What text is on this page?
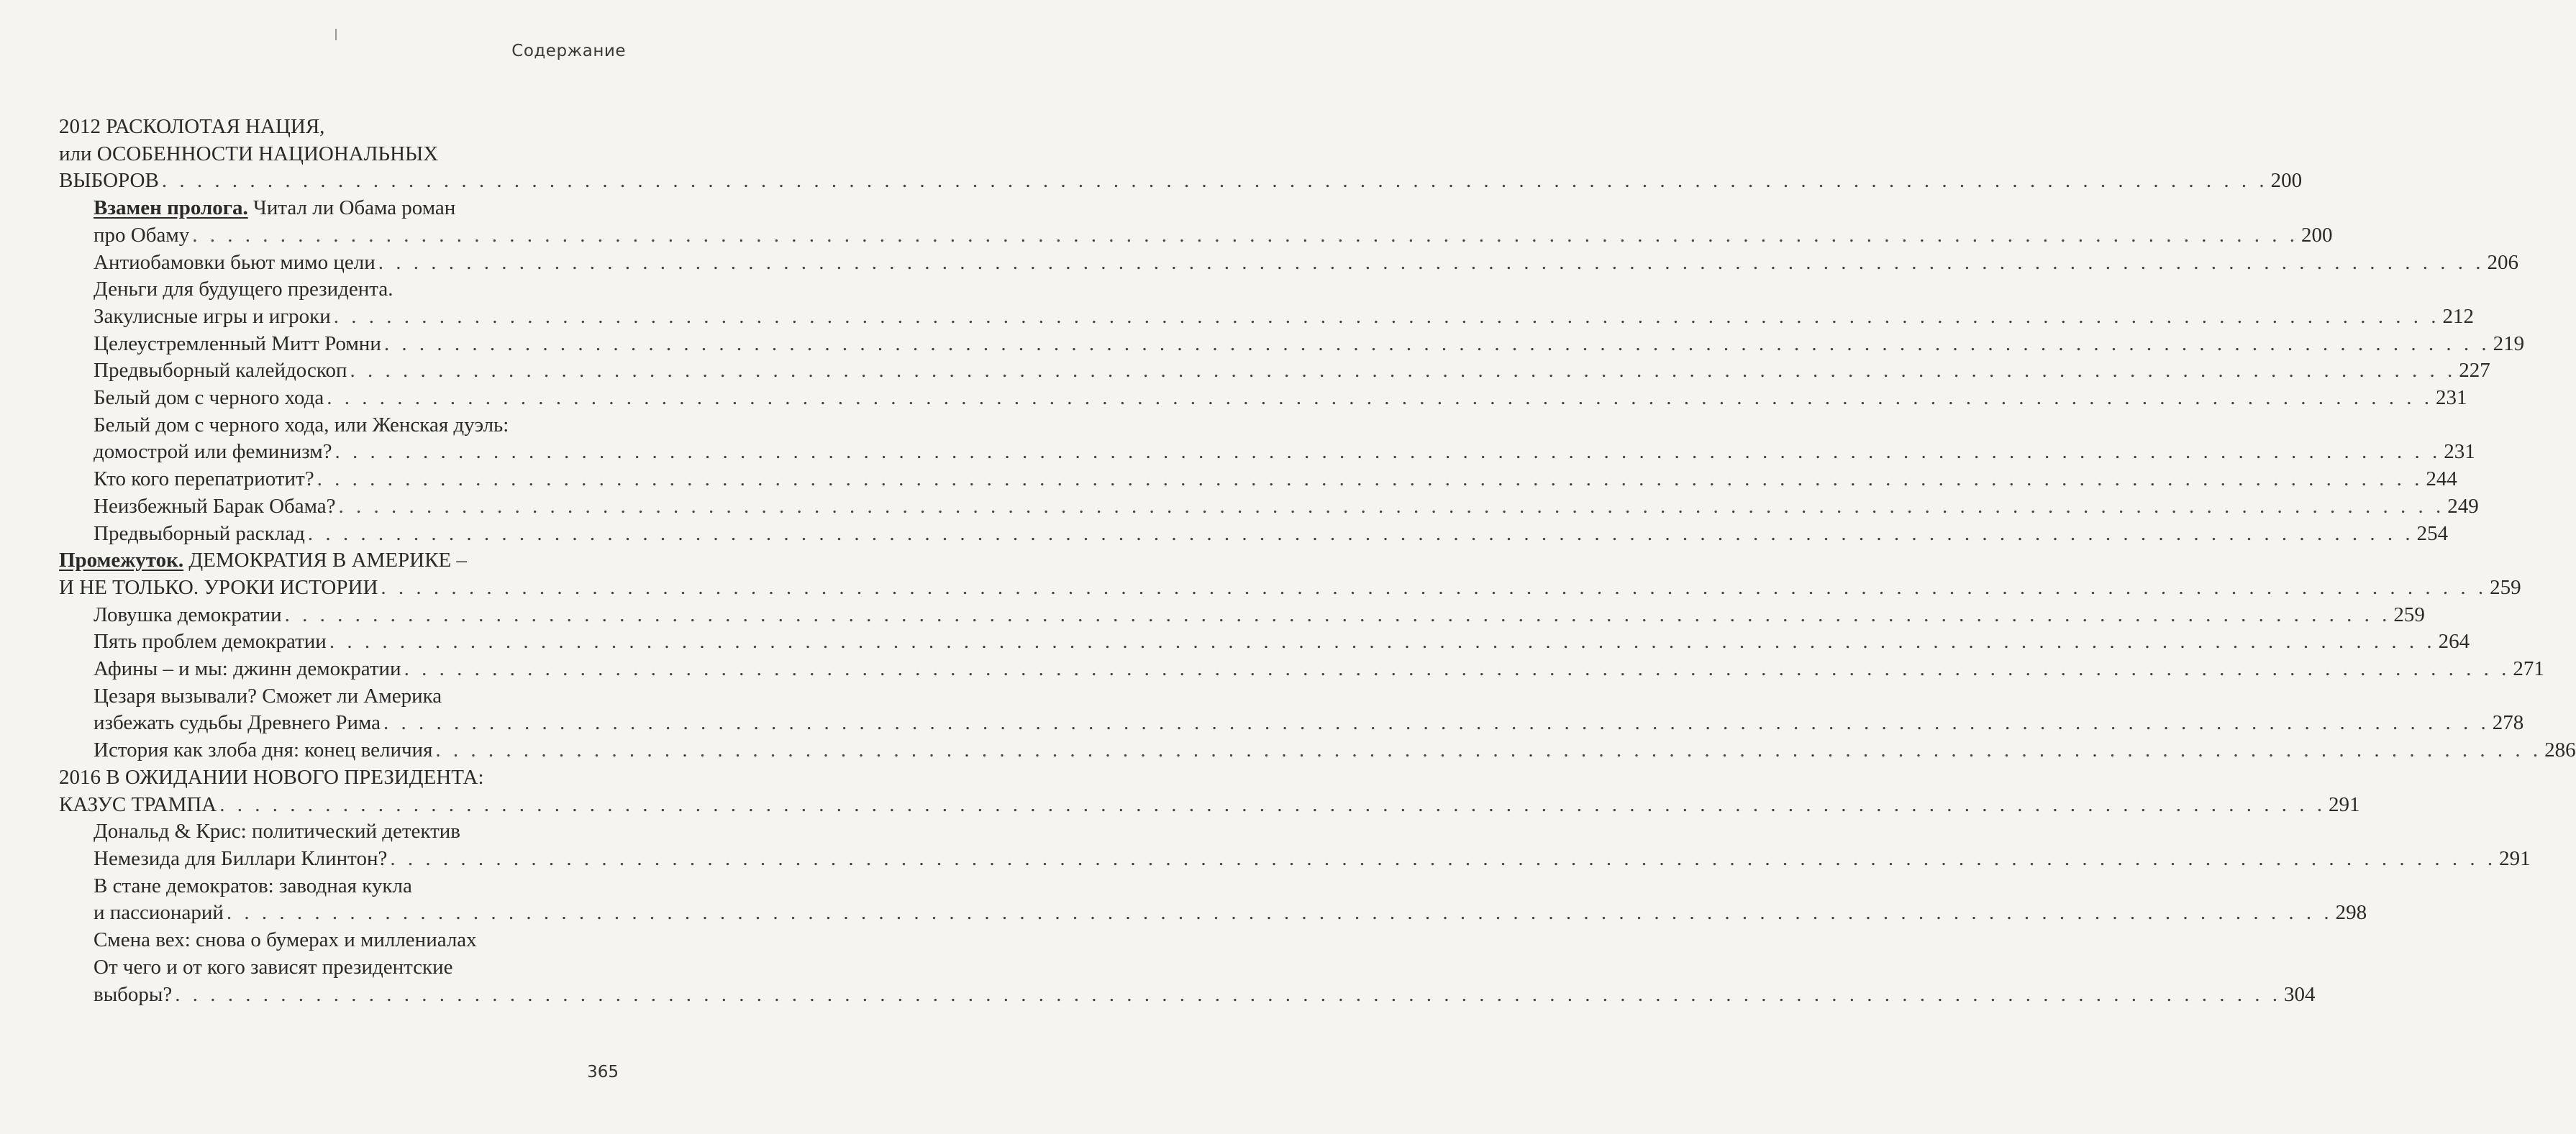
Содержание
2012 РАСКОЛОТАЯ НАЦИЯ,
или ОСОБЕННОСТИ НАЦИОНАЛЬНЫХ
ВЫБОРОВ . . . . . . . . . . . . . . . . . . . . . . . . . . . . . . . . . . . . . . . . . . . . . . . . . . . . . . . . . . . . . . . . . . . . . . . . . . . . . . . . . . . . . . . . . . . . . . . . . . . . . . . . . . . . . . . . . . . . . . . . 200
Взамен пролога. Читал ли Обама роман
про Обаму . . . . . . . . . . . . . . . . . . . . . . . . . . . . . . . . . . . . . . . . . . . . . . . . . . . . . . . . . . . . . . . . . . . . . . . . . . . . . . . . . . . . . . . . . . . . . . . . . . . . . . . . . . . . . . . . . . . . . . . . 200
Антиобамовки бьют мимо цели . . . . . . . . . . . . . . . . . . . . . . . . . . . . . . . . . . . . . . . . . . . . . . . . . . . . . . . . . . . . . . . . . . . . . . . . . . . . . . . . . . . . . . . . . . . . . . . . . . . . . . . . . . . . . . . . . . . . . . . . 206
Деньги для будущего президента.
Закулисные игры и игроки . . . . . . . . . . . . . . . . . . . . . . . . . . . . . . . . . . . . . . . . . . . . . . . . . . . . . . . . . . . . . . . . . . . . . . . . . . . . . . . . . . . . . . . . . . . . . . . . . . . . . . . . . . . . . . . . . . . . . . . . 212
Целеустремленный Митт Ромни . . . . . . . . . . . . . . . . . . . . . . . . . . . . . . . . . . . . . . . . . . . . . . . . . . . . . . . . . . . . . . . . . . . . . . . . . . . . . . . . . . . . . . . . . . . . . . . . . . . . . . . . . . . . . . . . . . . . . . . . 219
Предвыборный калейдоскоп . . . . . . . . . . . . . . . . . . . . . . . . . . . . . . . . . . . . . . . . . . . . . . . . . . . . . . . . . . . . . . . . . . . . . . . . . . . . . . . . . . . . . . . . . . . . . . . . . . . . . . . . . . . . . . . . . . . . . . . . 227
Белый дом с черного хода . . . . . . . . . . . . . . . . . . . . . . . . . . . . . . . . . . . . . . . . . . . . . . . . . . . . . . . . . . . . . . . . . . . . . . . . . . . . . . . . . . . . . . . . . . . . . . . . . . . . . . . . . . . . . . . . . . . . . . . . 231
Белый дом с черного хода, или Женская дуэль:
домострой или феминизм? . . . . . . . . . . . . . . . . . . . . . . . . . . . . . . . . . . . . . . . . . . . . . . . . . . . . . . . . . . . . . . . . . . . . . . . . . . . . . . . . . . . . . . . . . . . . . . . . . . . . . . . . . . . . . . . . . . . . . . . . 231
Кто кого перепатриотит? . . . . . . . . . . . . . . . . . . . . . . . . . . . . . . . . . . . . . . . . . . . . . . . . . . . . . . . . . . . . . . . . . . . . . . . . . . . . . . . . . . . . . . . . . . . . . . . . . . . . . . . . . . . . . . . . . . . . . . . . 244
Неизбежный Барак Обама? . . . . . . . . . . . . . . . . . . . . . . . . . . . . . . . . . . . . . . . . . . . . . . . . . . . . . . . . . . . . . . . . . . . . . . . . . . . . . . . . . . . . . . . . . . . . . . . . . . . . . . . . . . . . . . . . . . . . . . . . 249
Предвыборный расклад . . . . . . . . . . . . . . . . . . . . . . . . . . . . . . . . . . . . . . . . . . . . . . . . . . . . . . . . . . . . . . . . . . . . . . . . . . . . . . . . . . . . . . . . . . . . . . . . . . . . . . . . . . . . . . . . . . . . . . . . 254
Промежуток. ДЕМОКРАТИЯ В АМЕРИКЕ –
И НЕ ТОЛЬКО. УРОКИ ИСТОРИИ . . . . . . . . . . . . . . . . . . . . . . . . . . . . . . . . . . . . . . . . . . . . . . . . . . . . . . . . . . . . . . . . . . . . . . . . . . . . . . . . . . . . . . . . . . . . . . . . . . . . . . . . . . . . . . . . . . . . . . . . 259
Ловушка демократии . . . . . . . . . . . . . . . . . . . . . . . . . . . . . . . . . . . . . . . . . . . . . . . . . . . . . . . . . . . . . . . . . . . . . . . . . . . . . . . . . . . . . . . . . . . . . . . . . . . . . . . . . . . . . . . . . . . . . . . . 259
Пять проблем демократии . . . . . . . . . . . . . . . . . . . . . . . . . . . . . . . . . . . . . . . . . . . . . . . . . . . . . . . . . . . . . . . . . . . . . . . . . . . . . . . . . . . . . . . . . . . . . . . . . . . . . . . . . . . . . . . . . . . . . . . . 264
Афины – и мы: джинн демократии . . . . . . . . . . . . . . . . . . . . . . . . . . . . . . . . . . . . . . . . . . . . . . . . . . . . . . . . . . . . . . . . . . . . . . . . . . . . . . . . . . . . . . . . . . . . . . . . . . . . . . . . . . . . . . . . . . . . . . . . 271
Цезаря вызывали? Сможет ли Америка
избежать судьбы Древнего Рима . . . . . . . . . . . . . . . . . . . . . . . . . . . . . . . . . . . . . . . . . . . . . . . . . . . . . . . . . . . . . . . . . . . . . . . . . . . . . . . . . . . . . . . . . . . . . . . . . . . . . . . . . . . . . . . . . . . . . . . . 278
История как злоба дня: конец величия . . . . . . . . . . . . . . . . . . . . . . . . . . . . . . . . . . . . . . . . . . . . . . . . . . . . . . . . . . . . . . . . . . . . . . . . . . . . . . . . . . . . . . . . . . . . . . . . . . . . . . . . . . . . . . . . . . . . . . . . 286
2016 В ОЖИДАНИИ НОВОГО ПРЕЗИДЕНТА:
КАЗУС ТРАМПА . . . . . . . . . . . . . . . . . . . . . . . . . . . . . . . . . . . . . . . . . . . . . . . . . . . . . . . . . . . . . . . . . . . . . . . . . . . . . . . . . . . . . . . . . . . . . . . . . . . . . . . . . . . . . . . . . . . . . . . . 291
Дональд & Крис: политический детектив
Немезида для Биллари Клинтон? . . . . . . . . . . . . . . . . . . . . . . . . . . . . . . . . . . . . . . . . . . . . . . . . . . . . . . . . . . . . . . . . . . . . . . . . . . . . . . . . . . . . . . . . . . . . . . . . . . . . . . . . . . . . . . . . . . . . . . . . 291
В стане демократов: заводная кукла
и пассионарий . . . . . . . . . . . . . . . . . . . . . . . . . . . . . . . . . . . . . . . . . . . . . . . . . . . . . . . . . . . . . . . . . . . . . . . . . . . . . . . . . . . . . . . . . . . . . . . . . . . . . . . . . . . . . . . . . . . . . . . . 298
Смена вех: снова о бумерах и миллениалах
От чего и от кого зависят президентские
выборы? . . . . . . . . . . . . . . . . . . . . . . . . . . . . . . . . . . . . . . . . . . . . . . . . . . . . . . . . . . . . . . . . . . . . . . . . . . . . . . . . . . . . . . . . . . . . . . . . . . . . . . . . . . . . . . . . . . . . . . . . 304
365
